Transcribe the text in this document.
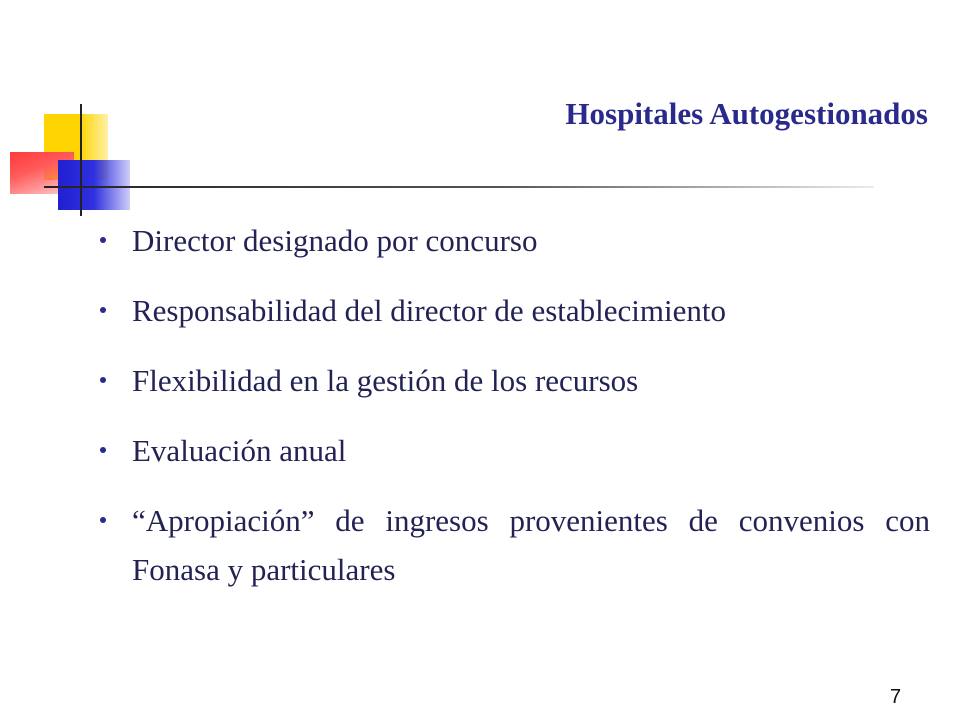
Hospitales Autogestionados
Director designado por concurso
Responsabilidad del director de establecimiento
Flexibilidad en la gestión de los recursos
Evaluación anual
“Apropiación” de ingresos provenientes de convenios con Fonasa y particulares
7
